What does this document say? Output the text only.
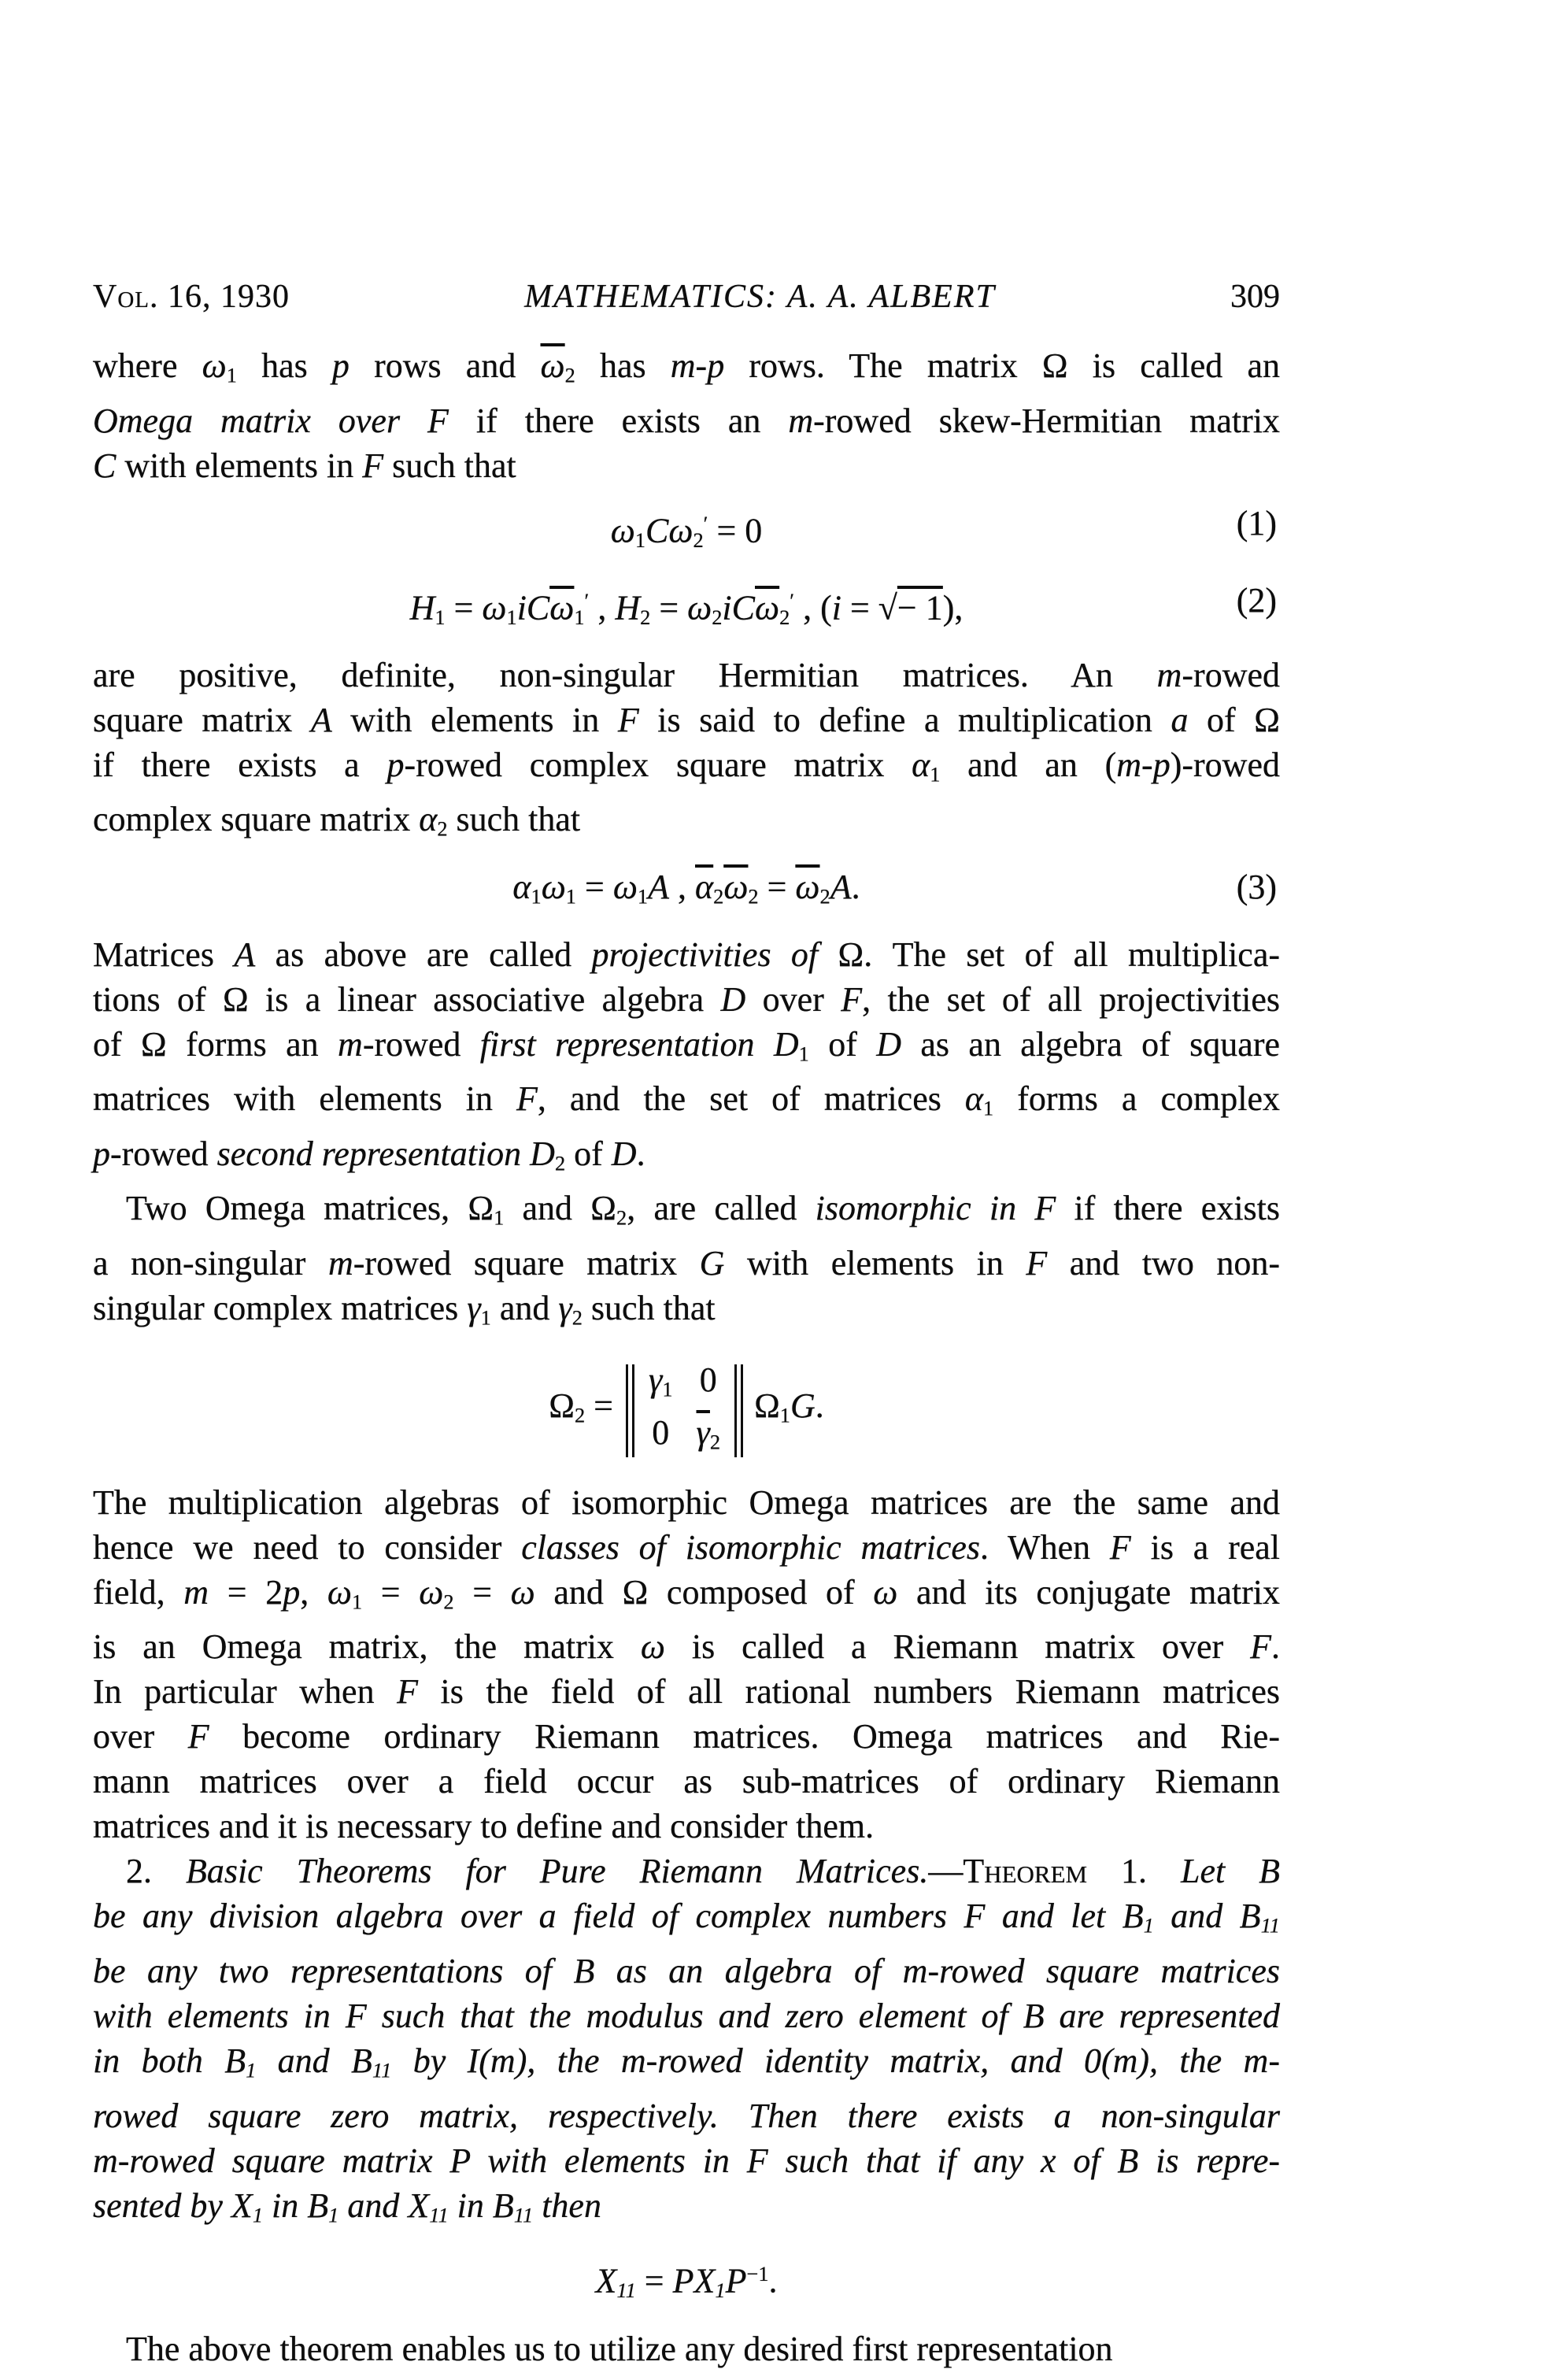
Vol. 16, 1930	MATHEMATICS: A. A. ALBERT	309
where ω1 has p rows and $\overline{\omega}2$ has m-p rows. The matrix Ω is called an
Omega matrix over F if there exists an m-rowed skew-Hermitian matrix
C with elements in F such that
ω1Cω2′ = 0	(1)
$H1 = \omega 1iC\overline{\omega}1'$ , $H2 = \omega 2iC\overline{\omega}2'$ , (i = √− 1),	(2)
are positive, definite, non-singular Hermitian matrices. An m-rowed
square matrix A with elements in F is said to define a multiplication a of Ω
if there exists a p-rowed complex square matrix α1 and an (m-p)-rowed
complex square matrix α2 such that
α1ω1 = ω1A , $\overline{\alpha}2\overline{\omega}2 = \overline{\omega}2A$.	(3)
Matrices A as above are called projectivities of Ω. The set of all multiplica-
tions of Ω is a linear associative algebra D over F, the set of all projectivities
of Ω forms an m-rowed first representation D1 of D as an algebra of square
matrices with elements in F, and the set of matrices α1 forms a complex
p-rowed second representation D2 of D.
Two Omega matrices, Ω1 and Ω2, are called isomorphic in F if there exists
a non-singular m-rowed square matrix G with elements in F and two non-
singular complex matrices γ1 and γ2 such that
Ω2 =
γ1 0
0 $\overline{\gamma}2$
Ω1G.
The multiplication algebras of isomorphic Omega matrices are the same and
hence we need to consider classes of isomorphic matrices. When F is a real
field, m = 2p, ω1 = ω2 = ω and Ω composed of ω and its conjugate matrix
is an Omega matrix, the matrix ω is called a Riemann matrix over F.
In particular when F is the field of all rational numbers Riemann matrices
over F become ordinary Riemann matrices. Omega matrices and Rie-
mann matrices over a field occur as sub-matrices of ordinary Riemann
matrices and it is necessary to define and consider them.
2. Basic Theorems for Pure Riemann Matrices.—Theorem 1. Let B
be any division algebra over a field of complex numbers F and let B1 and B11
be any two representations of B as an algebra of m-rowed square matrices
with elements in F such that the modulus and zero element of B are represented
in both B1 and B11 by I(m), the m-rowed identity matrix, and 0(m), the m-
rowed square zero matrix, respectively. Then there exists a non-singular
m-rowed square matrix P with elements in F such that if any x of B is repre-
sented by X1 in B1 and X11 in B11 then
$X11 = PX1P^{-1}$.
The above theorem enables us to utilize any desired first representation
